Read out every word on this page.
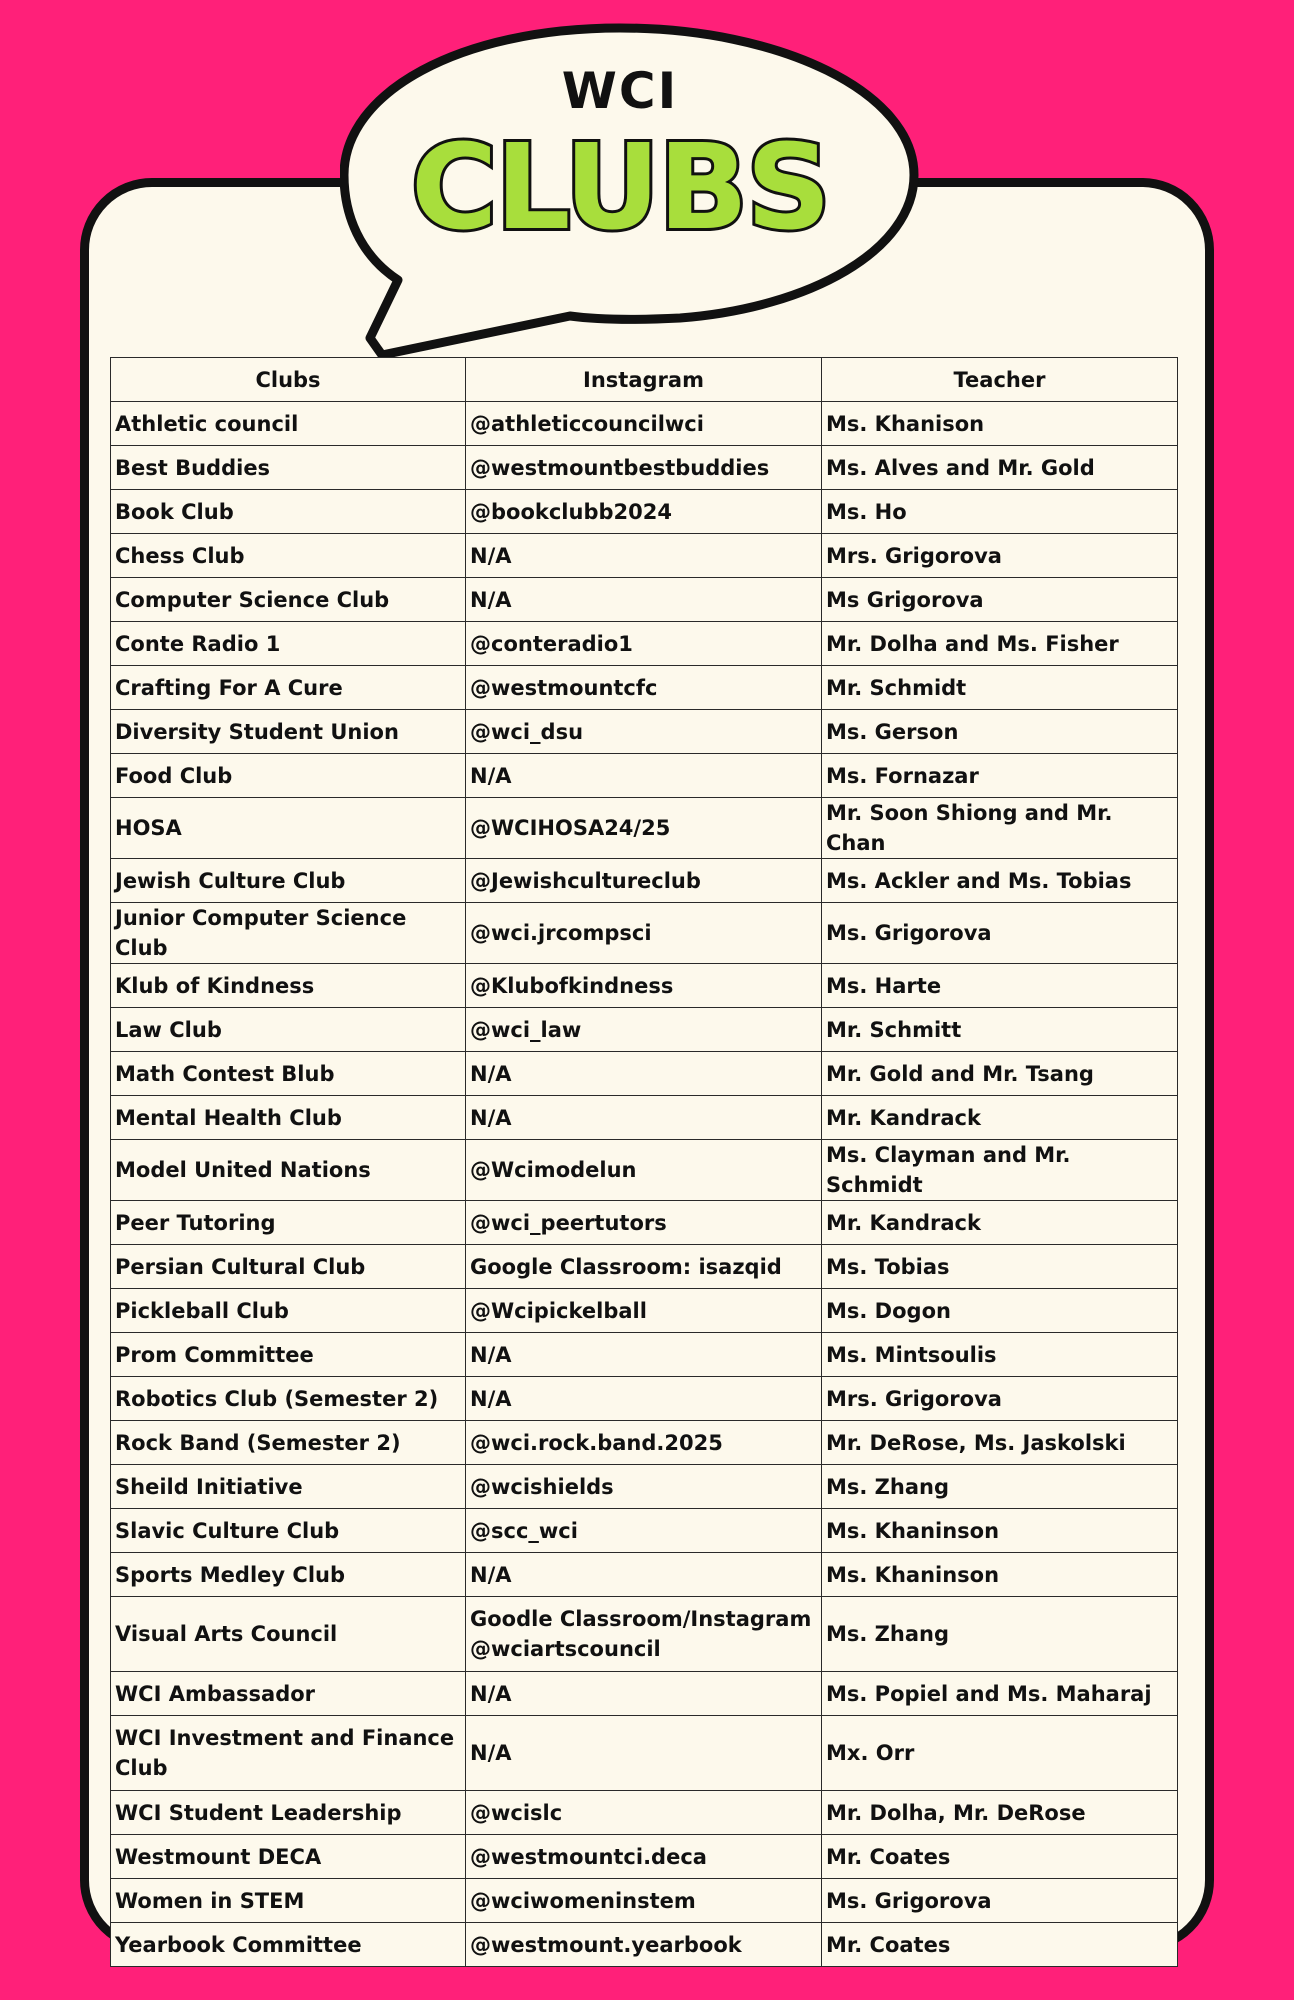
WCI
CLUBS
Clubs	Instagram	Teacher
Athletic council	@athleticcouncilwci	Ms. Khanison
Best Buddies	@westmountbestbuddies	Ms. Alves and Mr. Gold
Book Club	@bookclubb2024	Ms. Ho
Chess Club	N/A	Mrs. Grigorova
Computer Science Club	N/A	Ms Grigorova
Conte Radio 1	@conteradio1	Mr. Dolha and Ms. Fisher
Crafting For A Cure	@westmountcfc	Mr. Schmidt
Diversity Student Union	@wci_dsu	Ms. Gerson
Food Club	N/A	Ms. Fornazar
HOSA	@WCIHOSA24/25	Mr. Soon Shiong and Mr. Chan
Jewish Culture Club	@Jewishcultureclub	Ms. Ackler and Ms. Tobias
Junior Computer Science Club	@wci.jrcompsci	Ms. Grigorova
Klub of Kindness	@Klubofkindness	Ms. Harte
Law Club	@wci_law	Mr. Schmitt
Math Contest Blub	N/A	Mr. Gold and Mr. Tsang
Mental Health Club	N/A	Mr. Kandrack
Model United Nations	@Wcimodelun	Ms. Clayman and Mr. Schmidt
Peer Tutoring	@wci_peertutors	Mr. Kandrack
Persian Cultural Club	Google Classroom: isazqid	Ms. Tobias
Pickleball Club	@Wcipickelball	Ms. Dogon
Prom Committee	N/A	Ms. Mintsoulis
Robotics Club (Semester 2)	N/A	Mrs. Grigorova
Rock Band (Semester 2)	@wci.rock.band.2025	Mr. DeRose, Ms. Jaskolski
Sheild Initiative	@wcishields	Ms. Zhang
Slavic Culture Club	@scc_wci	Ms. Khaninson
Sports Medley Club	N/A	Ms. Khaninson
Visual Arts Council	Goodle Classroom/Instagram @wciartscouncil	Ms. Zhang
WCI Ambassador	N/A	Ms. Popiel and Ms. Maharaj
WCI Investment and Finance Club	N/A	Mx. Orr
WCI Student Leadership	@wcislc	Mr. Dolha, Mr. DeRose
Westmount DECA	@westmountci.deca	Mr. Coates
Women in STEM	@wciwomeninstem	Ms. Grigorova
Yearbook Committee	@westmount.yearbook	Mr. Coates
